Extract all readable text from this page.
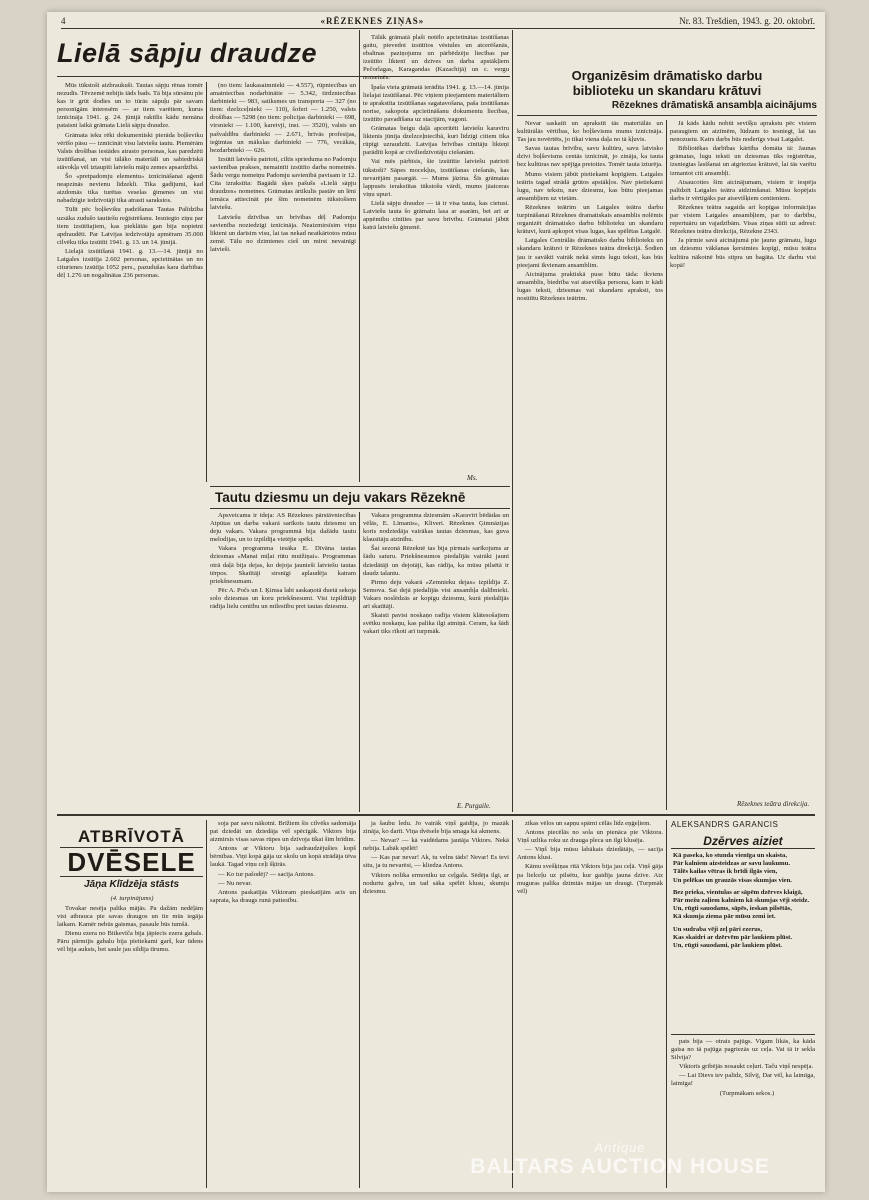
4	«RĒZEKNES ZIŅAS»	Nr. 83. Trešdien, 1943. g. 20. oktobrī.
Lielā sāpju draudze

Mūs tūkstoši aizbraukuši. Tautas sāpju rēnas tomēr nezudīs. Tēvzemē nebijis tāds bads. Tā bija sūrsānu pie kas ir grūt dodies un to tūrās sāpuļu pār savam personīgām interesēm — ar tiem varētiem, kurus iznīcināja 1941. g. 24. jūnijā raktīlis kādu nemāna pataisni laikā grāmata Lielā sāpju draudze.

Grāmata ieku rēki dokumentiski pierāda boļševiku vērīšo pāsu — izmīcīnāt visu latviešu tautu. Piemērām Valsts drošības iestādes atrasto personas, kas paredzēti izsūtīšanai, un visi tālāko materiāli un sabiedriskā stāvokļa vēl iztaupīti latviešu māju zemes apsardzībā.

Šo «pretpadomju elementu» iznīcināšanai aģenti neapzinās nevienu līdzekli. Tika gadījumi, kad aizdomās tika turētas veselas ģimenes un visi nabadzīgie iedzīvotāji tika atrasti sarakstos.

Tūlīt pēc boļševiku padzīšanas Tautas Palīdzība uzsāka zudušo tautiešu reģistrēšanu. Iesniegto ziņu par tiem izsūtītajiem, kas pieklātās gan bija nopietni apdraudēti. Par Latvijas iedzīvotāju apmēram 35.000 cilvēku tika izsūtīti 1941. g. 13. un 14. jūnijā.

Lielajā izsūtīšanā 1941. g. 13.—14. jūnijā no Latgales izsūtīja 2.602 personas, apcietinātas un no citurienes izsūtīja 1052 pers., pazudušas kara darbības dēļ 1.276 un nogalinātas 236 personas.

(no tiem: laukasaimnieki — 4.557), rūpniecības un amatniecības nodarbinātie — 5.342, tirdzniecības darbinieki — 983, satiksmes un transporta — 327 (no tiem: dzelzceļnieki — 110), šoferi — 1.250, valsts drošības — 5298 (no tiem: policijas darbinieki — 698, virsnieki — 1.100, kareivji, inst. — 3520), valsts un pašvaldību darbinieki — 2.671, brīvās profesijas, ieģimtas un mākslas darbinieki — 776, vecākās, bezdarbnieki — 626.

Izsūtīt latviešu patrioti, ciltis sprieduma no Padomju savienības prakses, nemainīti izsūtīto darba nometnēs. Šādu vergu nometņu Padomju savienībā pavisam ir 12. Cita izrakstīta: Bagādā sķes pašušs «Lielā sāpju draudzes» nometnes. Grāmatas ārtikulis pastāv un lēni iemāca attiecināt pie šīm nometnēm tūkstošiem latviešu.

Latviešu dzīvības un brīvības dēļ Padomju savienība noziedzīgi iznīcināja. Neaizmirsīsim viņu likteni un darīsim visu, lai tas nekad neatkārtotos mūsu zemē. Tālu no dzimtenes cieš un mirst nevainīgi latvieši.

Tālāk grāmatā plaši notēlo apcietinātas izsūtīšanas gaitu, pievedot izsūtītos vēstules un atcerēšanās, ebaltnas paziņojumu un pārbēdzēju liecības par izsūtīto liktenī un dzīves un darba apstākļiem Pečorlagas, Karagandas (Kazachijā) un c. vergu nometnēs.

Īpaša vieta grāmatā ierādīta 1941. g. 13.—14. jūnija lielajai izsūtīšanai. Pēc viņiem pieejamiem materiāliem te aprakstīta izsūtīšanas sagatavošana, paša izsūtīšanas norise, sakopota apcietināšanu dokumentu liecības, izsūtīto pavadīšana uz stacijām, vagoni.

Grāmatas beigu daļā apceritēti latviešu karavīru liktenis jūnija dzelzceļniecībā, kuri līdzīgi citiem tika rūpīgi uzraudzīti. Latvijas brīvības cīnītāju likteņi parādīti kopā ar civiliedzīvotāju ciešanām.

Vai mēs pārbīsis, šie izsūtītie latviešu patrioti tūkstoši? Sāpes mocekļus, izsūtīšanas ciešanās, kas nevarējām pasargāt. — Mums jāzina. Šīs grāmatas lappusēs ierakstītas tūkstošu vārdi, mums jāatceras viņu upuri.

Lielā sāpju draudze — tā ir visa tauta, kas cietusi. Latviešu tauta šo grāmatu lasa ar asarām, bet arī ar apņēmību cīnīties par savu brīvību. Grāmatai jābūt katrā latviešu ģimenē.

Ms.
Tautu dziesmu un deju vakars Rēzeknē

Apsveicama ir ideja: AS Rēzeknes pārstāvniecības Atpūtas un darba vakarā sarīkots tautu dziesmu un deju vakars. Vakara programmā bija dažādu tautu melodijas, un to izpildīja vietējie spēki.

Vakara programma iesāka E. Dīvāna tautas dziesmas «Manai mīļai rūtu muižiņai». Programmas otrā daļā bija dejas, ko dejoja jaunieši latviešu tautas tērpos. Skatītāji sirsnīgi aplaudēja katram priekšnesumam.

Pēc A. Počs un I. Ķimsa labi saskaņotā duetā sekoja solo dziesmas un koru priekšnesumi. Visi izpildītāji rādīja lielu centību un mīlestību pret tautas dziesmu.

Vakara programma dziesmām «Karavīri bēdādas un vēlās, E. Līmanis», Kliveri. Rēzeknes Ģimnāzijas koris nodziedāja vairākas tautas dziesmas, kas guva klausītāju atzinību.

Šai sezonā Rēzeknē tas bija pirmais sarīkojums ar šādu saturu. Priekšnesumos piedalījās vairāki jauni dziedātāji un dejotāji, kas rādīja, ka mūsu pilsētā ir daudz talantu.

Pirmo deju vakarā «Zemnieku dejas» izpildīja Z. Semova. Sai dejā piedalījās visi ansambļa dalībnieki. Vakars noslēdzās ar kopīgu dziesmu, kurā piedalījās arī skatītāji.

Skaisti pavisi noskaņo radīja visiem klātesošajiem svētku noskaņu, kas palika ilgi atmiņā. Ceram, ka šādi vakari tiks rīkoti arī turpmāk.

E. Purgaile.
Organizēsim drāmatisko darbu
biblioteku un skandaru krātuvi
Rēzeknes drāmatiskā ansambļa aicinājums

Nevar saskatīt un aprakstīt tās materiālās un kultūrālās vērtības, ko boļševisms mums iznīcināja. Tas jau novērtēts, jo tikai viena daļa no tā kļuvis.

Savas tautas brīvību, savu kultūru, savu latvisko dzīvi boļševisms centās iznīcināt, jo zināja, ka tauta bez kultūras nav spējīga pretoties. Tomēr tauta izturēja.

Mums visiem jābūt pietiekami kopīgiem. Latgales teātris tagad strādā grūtos apstākļos. Nav pietiekami lugu, nav tekstu, nav dziesmu, kas būtu pieejamas ansambļiem uz vietām.

Rēzeknes teātrim un Latgales teātra darbu turpināšanai Rēzeknes dramatiskais ansamblis nolēmis organizēt drāmatisko darbu biblioteku un skandaru krātuvi, kurā apkopot visas lugas, kas spēlētas Latgalē.

Latgales Centrālās drāmatisko darbu biblioteku un skandaru krātuvi ir Rēzeknes teātra direkcijā. Šodien jau ir savākti vairāk nekā simts lugu teksti, kas būs pieejami ikvienam ansamblim.

Aicinājuma praktiskā puse būtu tāda: ikviens ansamblis, biedrība vai atsevišķa persona, kam ir kādi lugas teksti, dziesmas vai skandaru apraksti, tos nosūtītu Rēzeknes teātrim.

Jā kāds kādu nobūt sevišķu aprakstu pēc visiem paraugiem un atzīmēm, lūdzam to iesniegt, lai tas nenozustu. Katrs darbs būs noderīgs visai Latgalei.

Bibliotēkas darbības kārtība domāta tā: Jaunas grāmatas, lugu teksti un dziesmas tiks reģistrētas, izsniegtas lasīšanai un atgrieztas krātuvē, lai tās varētu izmantot citi ansambļi.

Atsaucoties šim aicinājumam, visiem ir iespēja palīdzēt Latgales teātra atdzimšanai. Mūsu kopējais darbs ir vērtīgāks par atsevišķiem centieniem.

Rēzeknes teātra sagaida ari kopīgas informācijas par visiem Latgales ansambļiem, par to darbību, repertuāru un vajadzībām. Visas ziņas sūtīt uz adresi: Rēzeknes teātra direkcija, Rēzekne 2343.

Ja pirmie savā aicinājumā pie jauno grāmatu, lugu un dziesmu vākšanas ķersimies kopīgi, mūsu teātra kultūra nākotnē būs stipra un bagāta. Uz darbu visi kopā!

Rēzeknes teātra direkcija.
ATBRĪVOTĀ
DVĒSELE
Jāņa Klīdzēja stāsts
(4. turpinājums)

Tovakar nesēja palika mājās. Pa dažām nedēļām visi atbrauca pie savas draugos un tie mūs iegāja laikam. Kamēr nebūs gaismas, pasaule būs tumšā.

Dienu ezera no Bitkevīča bija jāpiecīs ezera gabals. Pāru pārmijis gabalu bija pietiekami garš, kur ūdens vēl bija auksts, bet saule jau sildīja tīrumu.

soja par savu nākotni. Brīžiem šis cilvēks sadomāja pat dziedāt un dziedāja vēl spēcīgāk. Viktors bija aizmirsis visas savas rūpes un dzīvoja tikai šim brīdim.

Antons ar Viktoru bija sadraudzējušies kopš bērnības. Viņi kopā gāja uz skolu un kopā strādāja tēva laukā. Tagad viņu ceļi šķīrās.

— Ko tur pašodēj? — sacīja Antons.

— Nu nevar.

Antons paskatījās Viktoram pieskatījām acīs un saprata, ka draugs runā patiesību.

ja šaubu ledu. Jo vairāk viņš gaidīja, jo mazāk zināja, ko darīt. Viņa dvēsele bija smaga kā akmens.

— Nevar? — kā vaidēdams jautāja Viktors. Nekā nebija. Labāk spēlēt!

— Kas par nevar! Ak, tu velns tāds! Nevar! Es tevi situ, ja tu nevarēsi, — kliedza Antons.

Viktors nolika ermoniku uz ceļgala. Sēdēja ilgi, ar nodurtu galvu, un tad sāka spēlēt klusu, skumju dziesmu.

zikas vēlos un sapņu spārni cēlās līdz eņģeļiem.

Antons piecēlās no sola un pienāca pie Viktora. Viņš uzlika roku uz drauga pleca un ilgi klusēja.

— Viņš bija mūsu labākais dziedātājs, — sacīja Antons klusi.

Kāmu svešķiņas rītā Viktors bija jau ceļā. Viņš gāja pa lielceļu uz pilsētu, kur gaidīja jauna dzīve. Aiz muguras palika dzimtās mājas un draugi. (Turpmāk vēl)

ALEKSANDRS GARANCIS
Dzērves aiziet
Kā paseka, ko stunda vienīga un skaista,
Pār kalniem aizsteidzas ar savu laukumu.
Tālēs kailas vētras ik brīdi ilgās vien,
Un pelēkas un grauzās visas skumjas vien.
Bez prieka, vientulas ar sāpēm dzērves klaigā,
Pār mežu zaļiem kalniem kā skumjas vēji steidz.
Un, rūgti sauodams, sāpēs, ieskan pilsētās,
Kā skumja ziema pār mūsu zemi iet.
Un sudraba vēji zeļ pāri ezerus,
Kas skaidri ar dzērvēm pār laukiem plūst.
Un, rūgti sauodami, pār laukiem plūst.

pats bija — otrais pajūgs. Vigam likās, ka kāda gaisa no tā pajūga pagriezās uz ceļa. Vai tā ir sekla Silvija?

Viktorīs gribējās nosaukt ceļuri. Taču viņš nespēja.

— Lai Dievs tev palīdz, Silvij, Dar vēl, ka laimīga, laimīga!

(Turpmākam sekos.)

Antique
BALTARS AUCTION HOUSE
